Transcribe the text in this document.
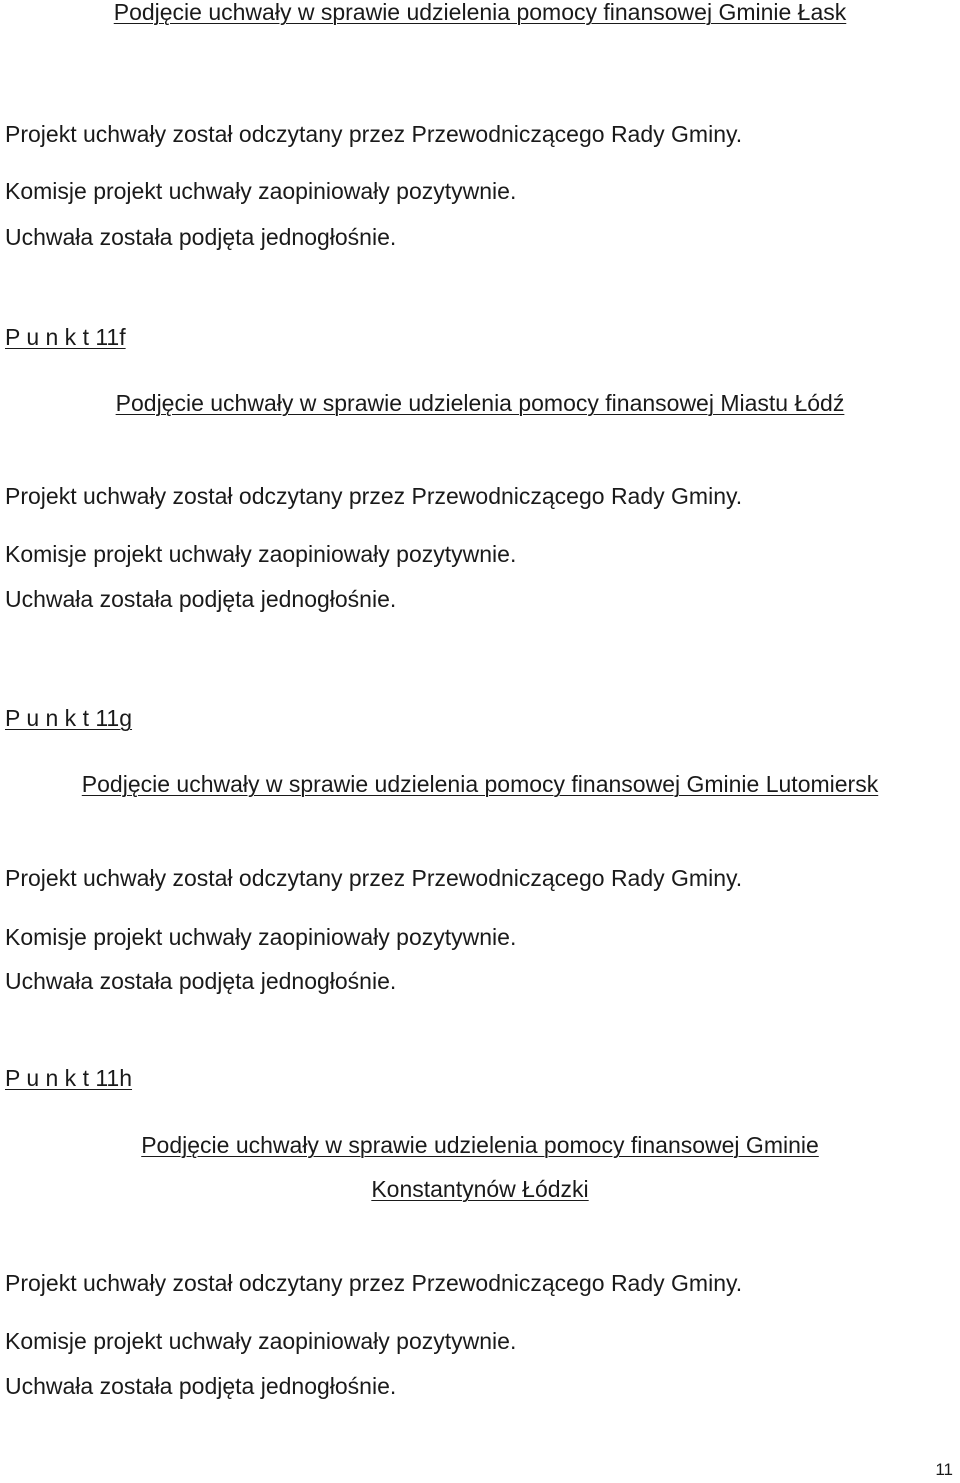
Podjęcie uchwały w sprawie udzielenia pomocy finansowej Gminie Łask
Projekt uchwały został odczytany przez Przewodniczącego Rady Gminy.
Komisje projekt uchwały zaopiniowały pozytywnie.
Uchwała została podjęta jednogłośnie.
P u n k t 11f
Podjęcie uchwały w sprawie udzielenia pomocy finansowej Miastu Łódź
Projekt uchwały został odczytany przez Przewodniczącego Rady Gminy.
Komisje projekt uchwały zaopiniowały pozytywnie.
Uchwała została podjęta jednogłośnie.
P u n k t 11g
Podjęcie uchwały w sprawie udzielenia pomocy finansowej Gminie Lutomiersk
Projekt uchwały został odczytany przez Przewodniczącego Rady Gminy.
Komisje projekt uchwały zaopiniowały pozytywnie.
Uchwała została podjęta jednogłośnie.
P u n k t 11h
Podjęcie uchwały w sprawie udzielenia pomocy finansowej Gminie
Konstantynów Łódzki
Projekt uchwały został odczytany przez Przewodniczącego Rady Gminy.
Komisje projekt uchwały zaopiniowały pozytywnie.
Uchwała została podjęta jednogłośnie.
11
